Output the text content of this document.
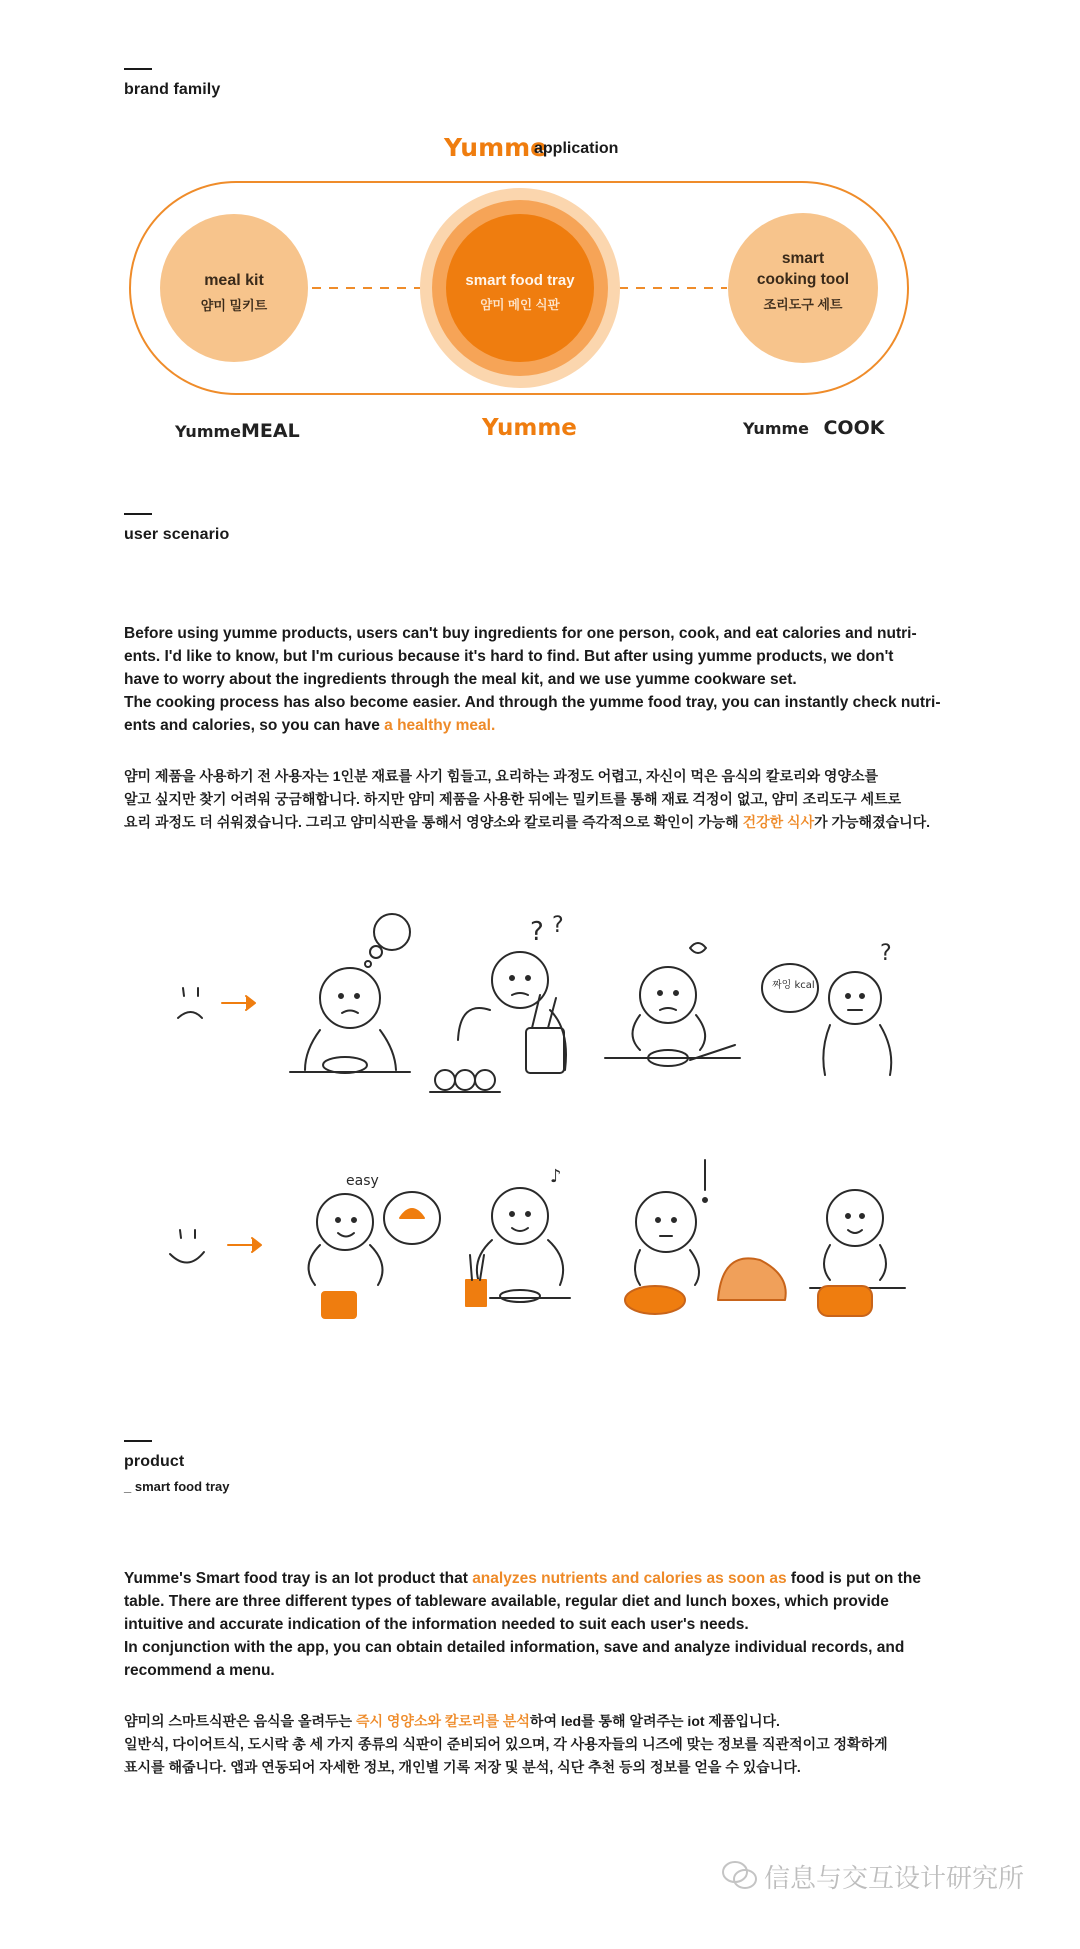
brand family
Yumme
application
meal kit
얌미 밀키트
smart food tray
얌미 메인 식판
smart
cooking tool
조리도구 세트
YummeMEAL	Yumme	Yumme COOK
user scenario
Before using yumme products, users can't buy ingredients for one person, cook, and eat calories and nutri-
ents. I'd like to know, but I'm curious because it's hard to find. But after using yumme products, we don't
have to worry about the ingredients through the meal kit, and we use yumme cookware set.
The cooking process has also become easier. And through the yumme food tray, you can instantly check nutri-
ents and calories, so you can have a healthy meal.
얌미 제품을 사용하기 전 사용자는 1인분 재료를 사기 힘들고, 요리하는 과정도 어렵고, 자신이 먹은 음식의 칼로리와 영양소를
알고 싶지만 찾기 어려워 궁금해합니다. 하지만 얌미 제품을 사용한 뒤에는 밀키트를 통해 재료 걱정이 없고, 얌미 조리도구 세트로
요리 과정도 더 쉬워졌습니다. 그리고 얌미식판을 통해서 영양소와 칼로리를 즉각적으로 확인이 가능해 건강한 식사가 가능해졌습니다.
? ?
짜잉 kcal
?
easy	♪
product
_ smart food tray
Yumme's Smart food tray is an Iot product that analyzes nutrients and calories as soon as food is put on the
table. There are three different types of tableware available, regular diet and lunch boxes, which provide
intuitive and accurate indication of the information needed to suit each user's needs.
In conjunction with the app, you can obtain detailed information, save and analyze individual records, and
recommend a menu.
얌미의 스마트식판은 음식을 올려두는 즉시 영양소와 칼로리를 분석하여 led를 통해 알려주는 iot 제품입니다.
일반식, 다이어트식, 도시락 총 세 가지 종류의 식판이 준비되어 있으며, 각 사용자들의 니즈에 맞는 정보를 직관적이고 정확하게
표시를 해줍니다. 앱과 연동되어 자세한 정보, 개인별 기록 저장 및 분석, 식단 추천 등의 정보를 얻을 수 있습니다.
信息与交互设计研究所
